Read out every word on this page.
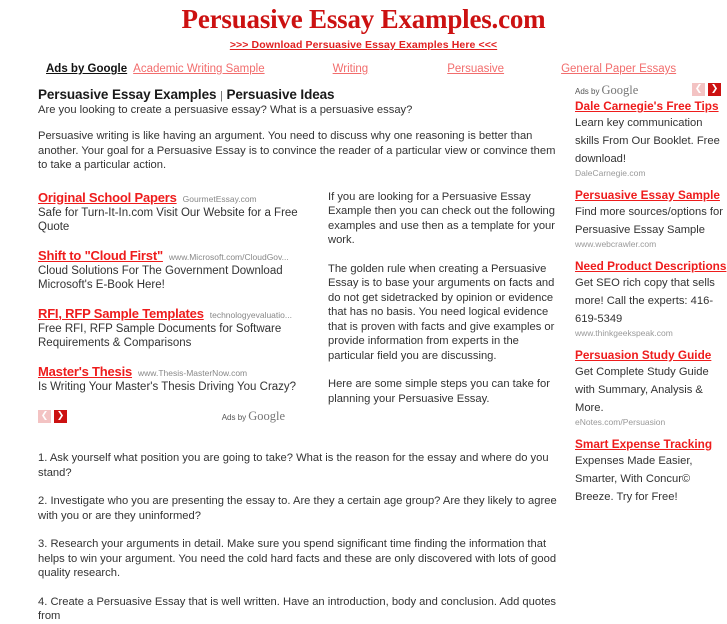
Persuasive Essay Examples.com
>>> Download Persuasive Essay Examples Here <<<
Ads by Google Academic Writing Sample	Writing	Persuasive	General Paper Essays
Persuasive Essay Examples | Persuasive Ideas

Are you looking to create a persuasive essay? What is a persuasive essay?

Persuasive writing is like having an argument. You need to discuss why one reasoning is better than another. Your goal for a Persuasive Essay is to convince the reader of a particular view or convince them to take a particular action.

Original School Papers GourmetEssay.com
Safe for Turn-It-In.com Visit Our Website for a Free Quote
Shift to "Cloud First" www.Microsoft.com/CloudGov...
Cloud Solutions For The Government Download Microsoft's E-Book Here!
RFI, RFP Sample Templates technologyevaluatio...
Free RFI, RFP Sample Documents for Software Requirements & Comparisons
Master's Thesis www.Thesis-MasterNow.com
Is Writing Your Master's Thesis Driving You Crazy?
❮ ❯	Ads by Google

If you are looking for a Persuasive Essay Example then you can check out the following examples and use then as a template for your work.

The golden rule when creating a Persuasive Essay is to base your arguments on facts and do not get sidetracked by opinion or evidence that has no basis. You need logical evidence that is proven with facts and give examples or provide information from experts in the particular field you are discussing.

Here are some simple steps you can take for planning your Persuasive Essay.

1. Ask yourself what position you are going to take? What is the reason for the essay and where do you stand?
2. Investigate who you are presenting the essay to. Are they a certain age group? Are they likely to agree with you or are they uninformed?
3. Research your arguments in detail. Make sure you spend significant time finding the information that helps to win your argument. You need the cold hard facts and these are only discovered with lots of good quality research.
4. Create a Persuasive Essay that is well written. Have an introduction, body and conclusion. Add quotes from
Ads by Google	❮ ❯
Dale Carnegie's Free Tips
Learn key communication skills From Our Booklet. Free download!
DaleCarnegie.com
Persuasive Essay Sample
Find more sources/options for Persuasive Essay Sample
www.webcrawler.com
Need Product Descriptions
Get SEO rich copy that sells more! Call the experts: 416-619-5349
www.thinkgeekspeak.com
Persuasion Study Guide
Get Complete Study Guide with Summary, Analysis & More.
eNotes.com/Persuasion
Smart Expense Tracking
Expenses Made Easier, Smarter, With Concur© Breeze. Try for Free!
